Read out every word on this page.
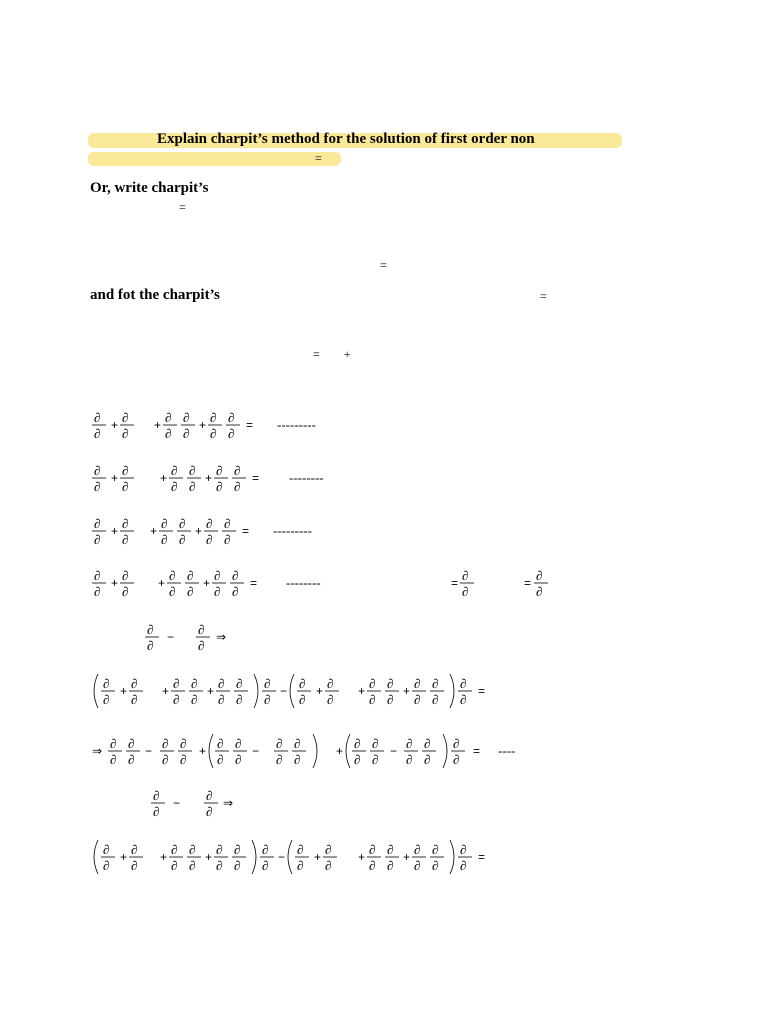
Explain charpit’s method for the solution of first order non
=
Or, write charpit’s
=
=
and fot the charpit’s	=
=        +
∂
∂
+ ∂
∂
+ ∂
∂
∂
∂
+ ∂
∂
∂
∂
= ---------
∂
∂
+ ∂
∂
+ ∂
∂
∂
∂
+ ∂
∂
∂
∂
= --------
∂
∂
+ ∂
∂
+ ∂
∂
∂
∂
+ ∂
∂
∂
∂
= ---------
∂
∂
+ ∂
∂
+ ∂
∂
∂
∂
+ ∂
∂
∂
∂
= --------	= ∂
∂
= ∂
∂
∂
∂
− ∂
∂
⇒
∂
∂
+ ∂
∂
+ ∂
∂
∂
∂
+ ∂
∂
∂
∂
∂
∂
− ∂
∂
+ ∂
∂
+ ∂
∂
∂
∂
+ ∂
∂
∂
∂
∂
∂
=
⇒ ∂
∂
∂
∂
− ∂
∂
∂
∂
+ ∂
∂
∂
∂
− ∂
∂
∂
∂
+ ∂
∂
∂
∂
− ∂
∂
∂
∂
∂
∂
= ----
∂
∂
− ∂
∂
⇒
∂
∂
+ ∂
∂
+ ∂
∂
∂
∂
+ ∂
∂
∂
∂
∂
∂
− ∂
∂
+ ∂
∂
+ ∂
∂
∂
∂
+ ∂
∂
∂
∂
∂
∂
=
